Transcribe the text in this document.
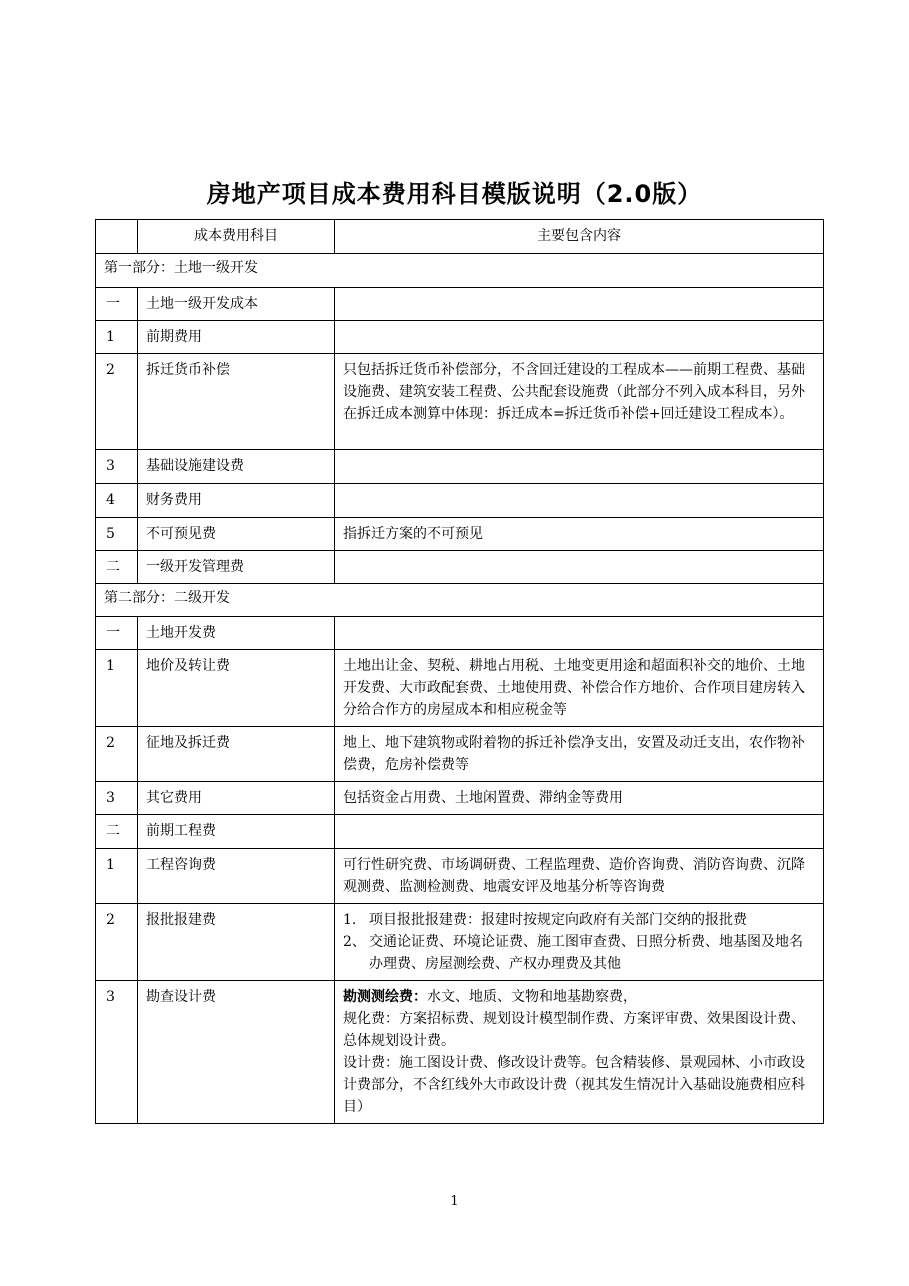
房地产项目成本费用科目模版说明（2.0版）
	成本费用科目	主要包含内容
第一部分：土地一级开发		
一	土地一级开发成本	
1	前期费用	
2	拆迁货币补偿	只包括拆迁货币补偿部分，不含回迁建设的工程成本——前期工程费、基础设施费、建筑安装工程费、公共配套设施费（此部分不列入成本科目，另外在拆迁成本测算中体现：拆迁成本=拆迁货币补偿+回迁建设工程成本）。
3	基础设施建设费	
4	财务费用	
5	不可预见费	指拆迁方案的不可预见
二	一级开发管理费	
第二部分：二级开发		
一	土地开发费	
1	地价及转让费	土地出让金、契税、耕地占用税、土地变更用途和超面积补交的地价、土地开发费、大市政配套费、土地使用费、补偿合作方地价、合作项目建房转入分给合作方的房屋成本和相应税金等
2	征地及拆迁费	地上、地下建筑物或附着物的拆迁补偿净支出，安置及动迁支出，农作物补偿费，危房补偿费等
3	其它费用	包括资金占用费、土地闲置费、滞纳金等费用
二	前期工程费	
1	工程咨询费	可行性研究费、市场调研费、工程监理费、造价咨询费、消防咨询费、沉降观测费、监测检测费、地震安评及地基分析等咨询费
2	报批报建费	1. 项目报批报建费：报建时按规定向政府有关部门交纳的报批费
2、 交通论证费、环境论证费、施工图审查费、日照分析费、地基图及地名办理费、房屋测绘费、产权办理费及其他

3	勘查设计费	勘测测绘费：水文、地质、文物和地基勘察费，
规化费：方案招标费、规划设计模型制作费、方案评审费、效果图设计费、总体规划设计费。
设计费：施工图设计费、修改设计费等。包含精装修、景观园林、小市政设计费部分，不含红线外大市政设计费（视其发生情况计入基础设施费相应科目）
1
